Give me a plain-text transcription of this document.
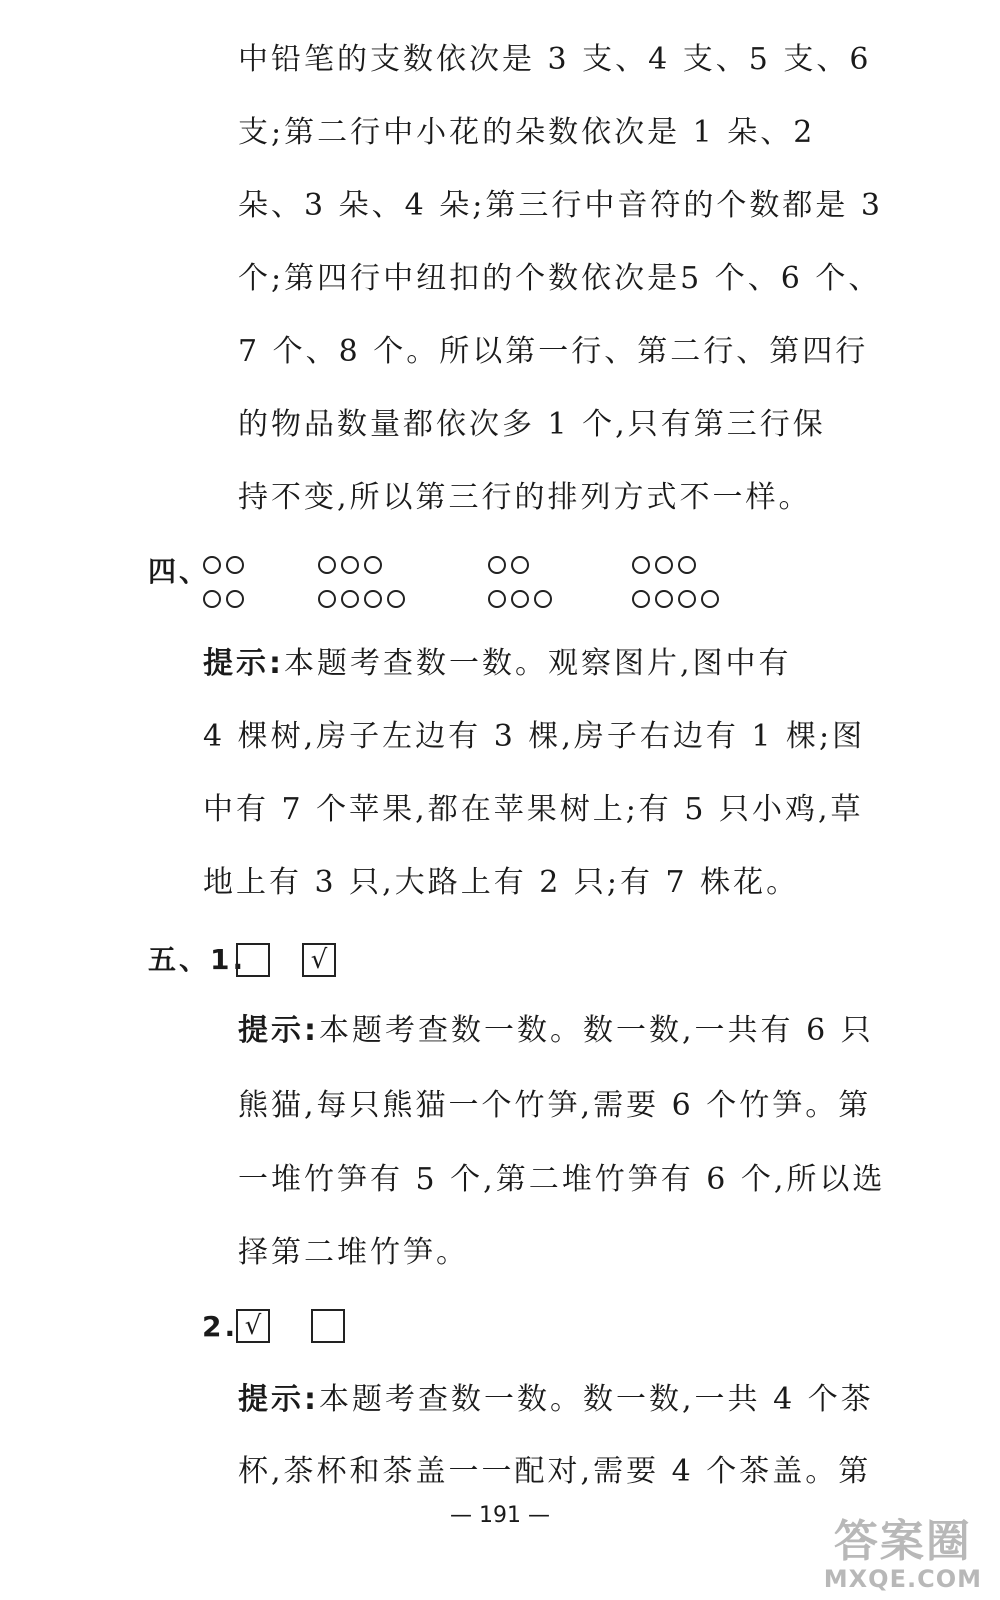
中铅笔的支数依次是 3 支、4 支、5 支、6
支;第二行中小花的朵数依次是 1 朵、2
朵、3 朵、4 朵;第三行中音符的个数都是 3
个;第四行中纽扣的个数依次是5 个、6 个、
7 个、8 个。所以第一行、第二行、第四行
的物品数量都依次多 1 个,只有第三行保
持不变,所以第三行的排列方式不一样。
四、
提示:本题考查数一数。观察图片,图中有
4 棵树,房子左边有 3 棵,房子右边有 1 棵;图
中有 7 个苹果,都在苹果树上;有 5 只小鸡,草
地上有 3 只,大路上有 2 只;有 7 株花。
五、1.	√
提示:本题考查数一数。数一数,一共有 6 只
熊猫,每只熊猫一个竹笋,需要 6 个竹笋。第
一堆竹笋有 5 个,第二堆竹笋有 6 个,所以选
择第二堆竹笋。
2. √
提示:本题考查数一数。数一数,一共 4 个茶
杯,茶杯和茶盖一一配对,需要 4 个茶盖。第
— 191 —
答案圈
MXQE.COM
